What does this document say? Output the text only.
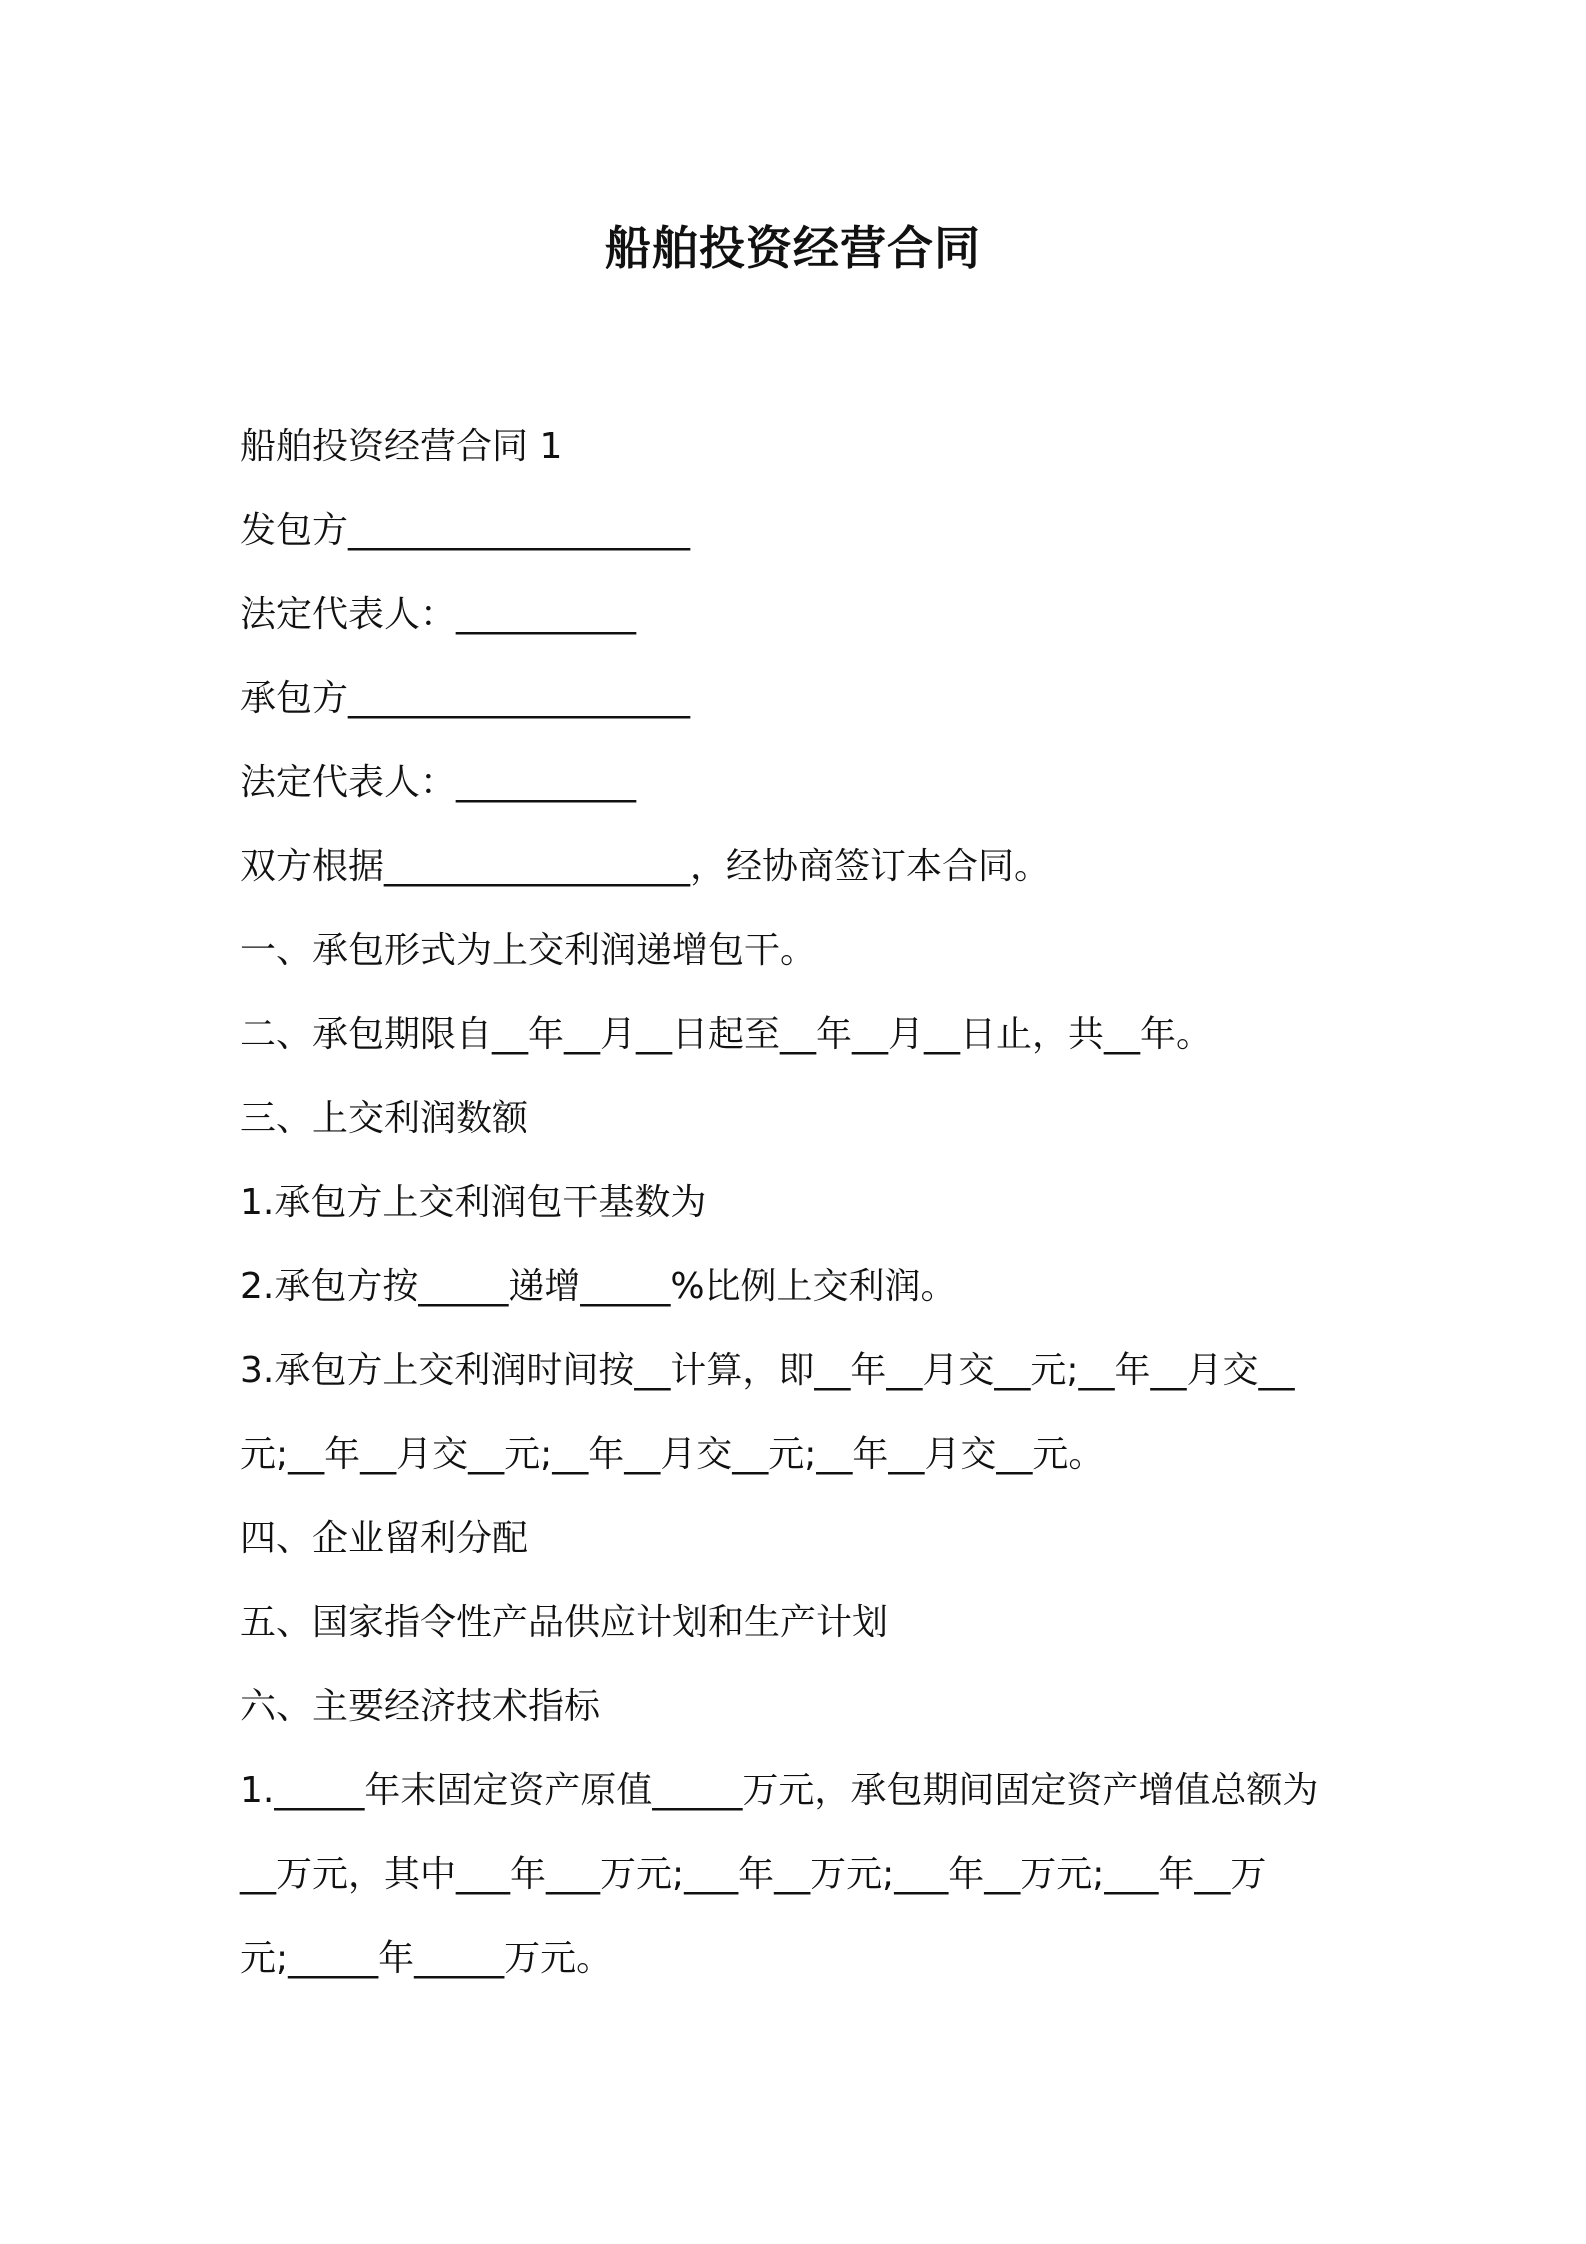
船舶投资经营合同

船舶投资经营合同 1

发包方___________________

法定代表人：__________

承包方___________________

法定代表人：__________

双方根据_________________，经协商签订本合同。

一、承包形式为上交利润递增包干。

二、承包期限自__年__月__日起至__年__月__日止，共__年。

三、上交利润数额

1.承包方上交利润包干基数为

2.承包方按_____递增_____%比例上交利润。

3.承包方上交利润时间按__计算，即__年__月交__元;__年__月交__

元;__年__月交__元;__年__月交__元;__年__月交__元。

四、企业留利分配

五、国家指令性产品供应计划和生产计划

六、主要经济技术指标

1._____年末固定资产原值_____万元，承包期间固定资产增值总额为

__万元，其中___年___万元;___年__万元;___年__万元;___年__万

元;_____年_____万元。
